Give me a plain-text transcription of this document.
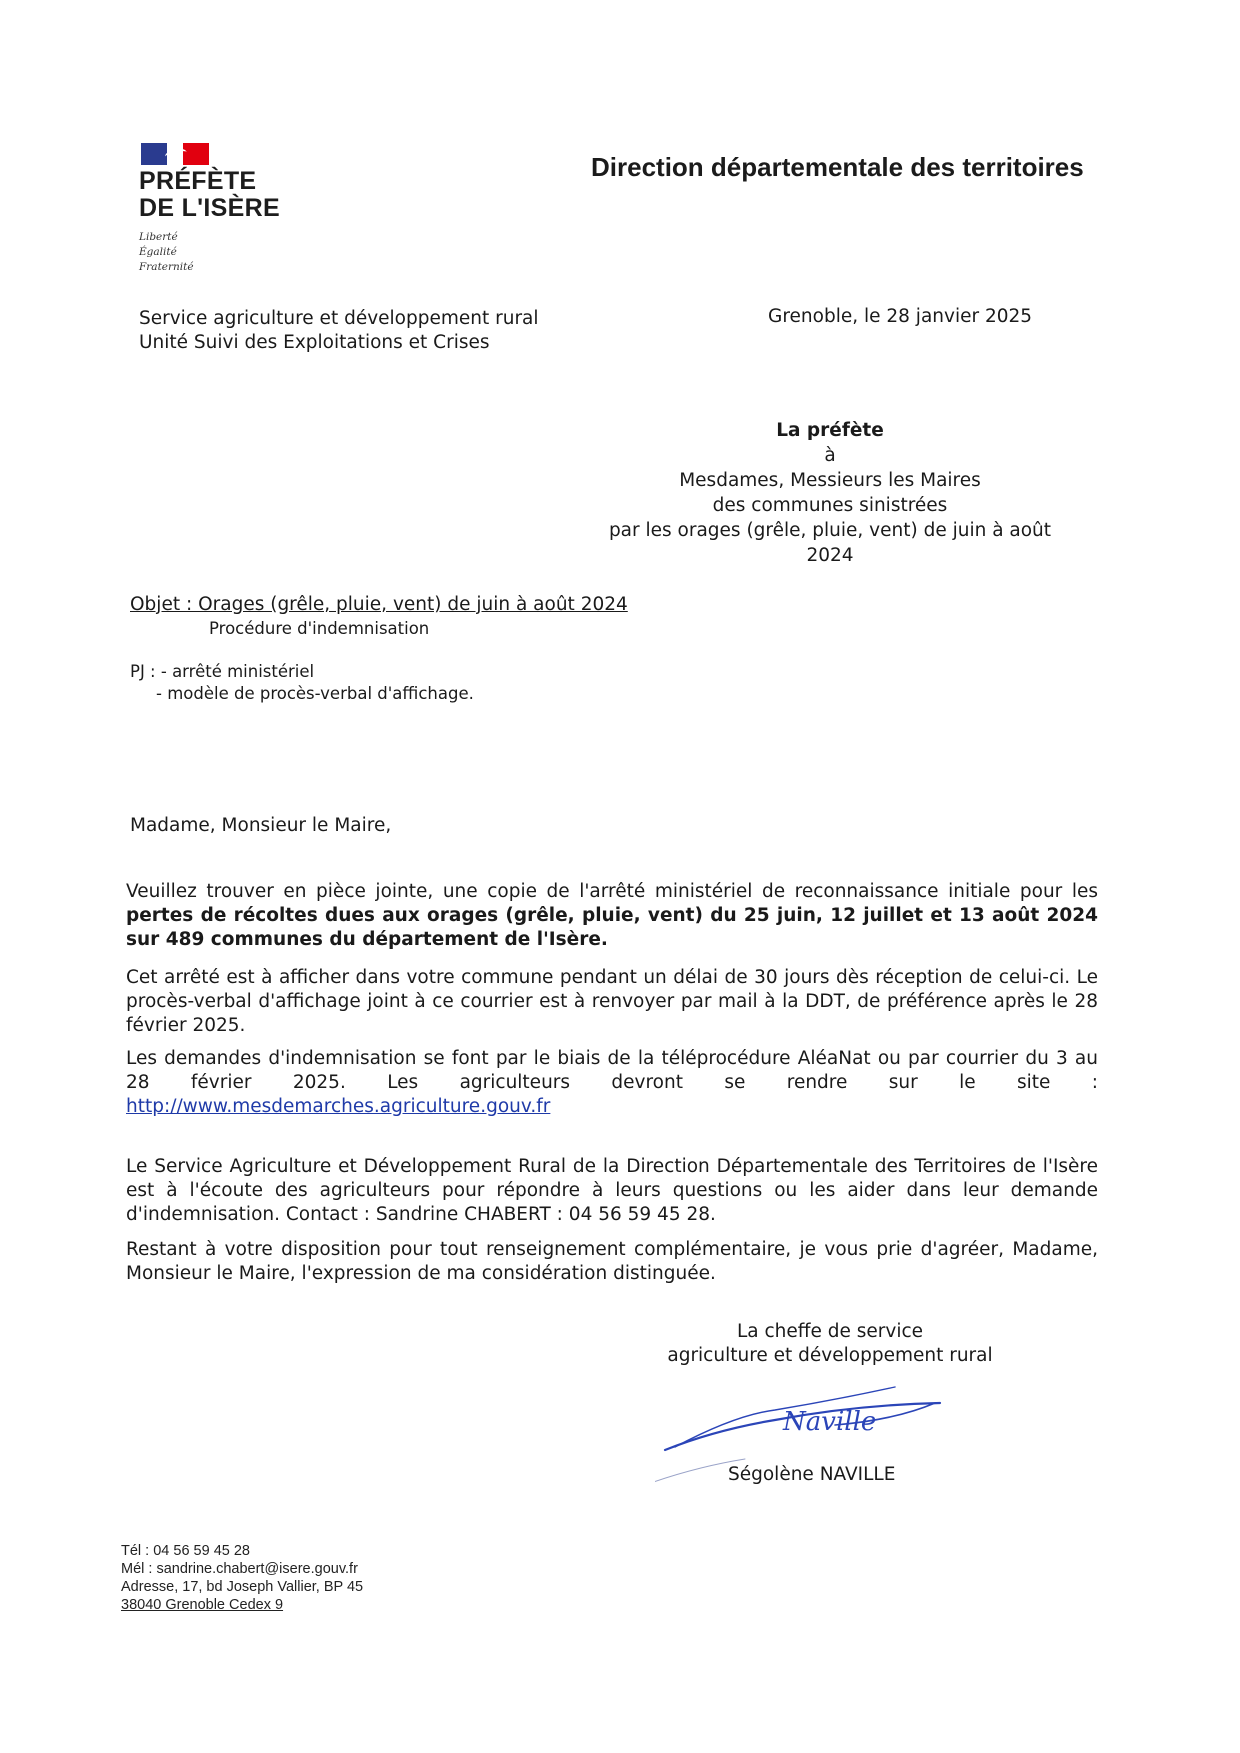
PRÉFÈTE
DE L'ISÈRE
Liberté
Égalité
Fraternité
Direction départementale des territoires
Service agriculture et développement rural
Unité Suivi des Exploitations et Crises
Grenoble, le 28 janvier 2025
La préfète
à
Mesdames, Messieurs les Maires
des communes sinistrées
par les orages (grêle, pluie, vent) de juin à août 2024
Objet : Orages (grêle, pluie, vent) de juin à août 2024
Procédure d'indemnisation
PJ : - arrêté ministériel
- modèle de procès-verbal d'affichage.
Madame, Monsieur le Maire,
Veuillez trouver en pièce jointe, une copie de l'arrêté ministériel de reconnaissance initiale pour les pertes de récoltes dues aux orages (grêle, pluie, vent) du 25 juin, 12 juillet et 13 août 2024 sur 489 communes du département de l'Isère.
Cet arrêté est à afficher dans votre commune pendant un délai de 30 jours dès réception de celui-ci. Le procès-verbal d'affichage joint à ce courrier est à renvoyer par mail à la DDT, de préférence après le 28 février 2025.
Les demandes d'indemnisation se font par le biais de la téléprocédure AléaNat ou par courrier du 3 au 28 février 2025. Les agriculteurs devront se rendre sur le site :
http://www.mesdemarches.agriculture.gouv.fr
Le Service Agriculture et Développement Rural de la Direction Départementale des Territoires de l'Isère est à l'écoute des agriculteurs pour répondre à leurs questions ou les aider dans leur demande d'indemnisation. Contact : Sandrine CHABERT : 04 56 59 45 28.
Restant à votre disposition pour tout renseignement complémentaire, je vous prie d'agréer, Madame, Monsieur le Maire, l'expression de ma considération distinguée.
La cheffe de service
agriculture et développement rural
Naville
Ségolène NAVILLE
Tél : 04 56 59 45 28
Mél : sandrine.chabert@isere.gouv.fr
Adresse, 17, bd Joseph Vallier, BP 45
38040 Grenoble Cedex 9
